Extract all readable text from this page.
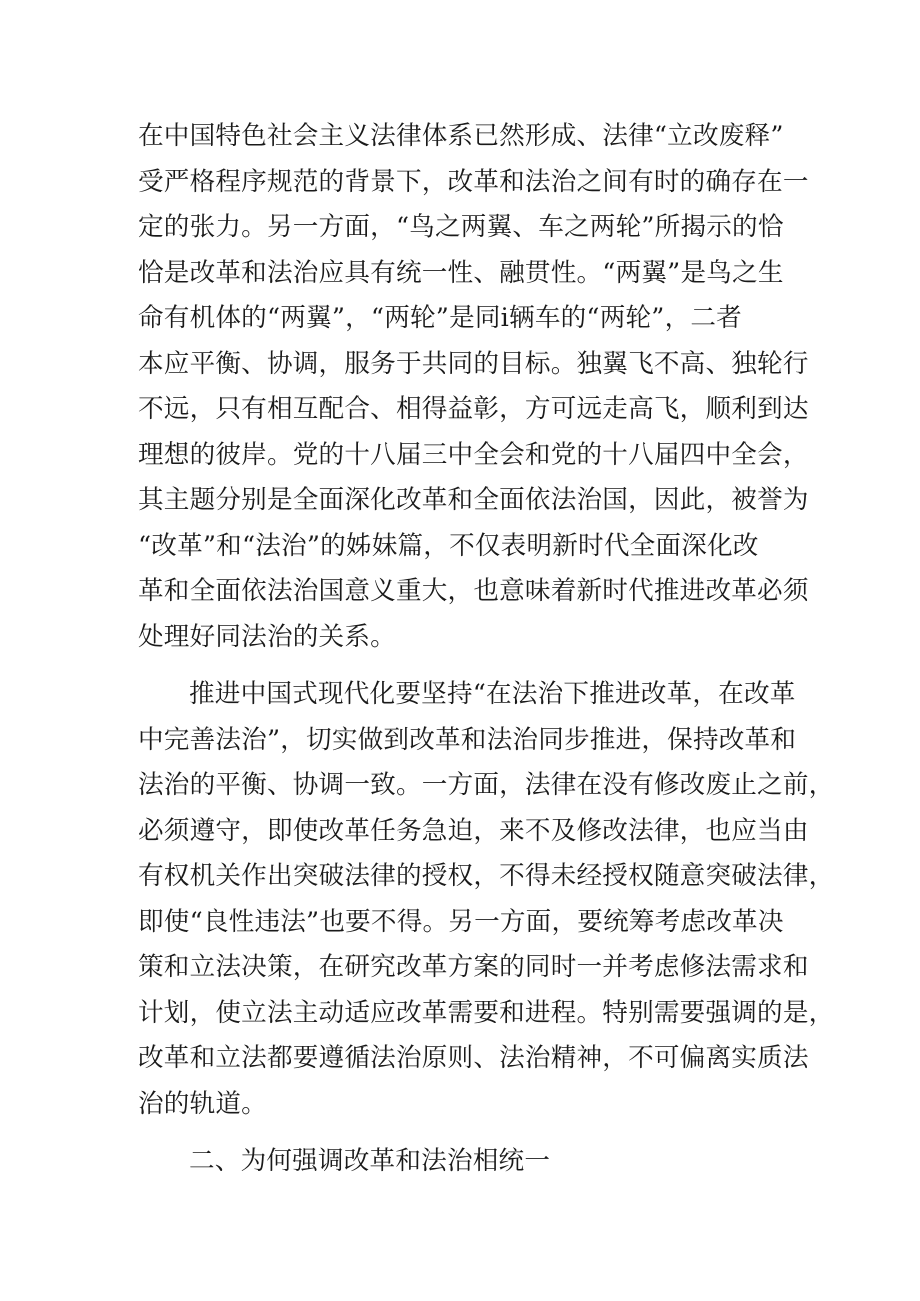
在中国特色社会主义法律体系已然形成、法律“立改废释”
受严格程序规范的背景下，改革和法治之间有时的确存在一
定的张力。另一方面，“鸟之两翼、车之两轮”所揭示的恰
恰是改革和法治应具有统一性、融贯性。“两翼”是鸟之生
命有机体的“两翼”，“两轮”是同i辆车的“两轮”，二者
本应平衡、协调，服务于共同的目标。独翼飞不高、独轮行
不远，只有相互配合、相得益彰，方可远走高飞，顺利到达
理想的彼岸。党的十八届三中全会和党的十八届四中全会，
其主题分别是全面深化改革和全面依法治国，因此，被誉为
“改革”和“法治”的姊妹篇，不仅表明新时代全面深化改
革和全面依法治国意义重大，也意味着新时代推进改革必须
处理好同法治的关系。
推进中国式现代化要坚持“在法治下推进改革，在改革
中完善法治”，切实做到改革和法治同步推进，保持改革和
法治的平衡、协调一致。一方面，法律在没有修改废止之前，
必须遵守，即使改革任务急迫，来不及修改法律，也应当由
有权机关作出突破法律的授权，不得未经授权随意突破法律，
即使“良性违法”也要不得。另一方面，要统筹考虑改革决
策和立法决策，在研究改革方案的同时一并考虑修法需求和
计划，使立法主动适应改革需要和进程。特别需要强调的是，
改革和立法都要遵循法治原则、法治精神，不可偏离实质法
治的轨道。
二、为何强调改革和法治相统一
